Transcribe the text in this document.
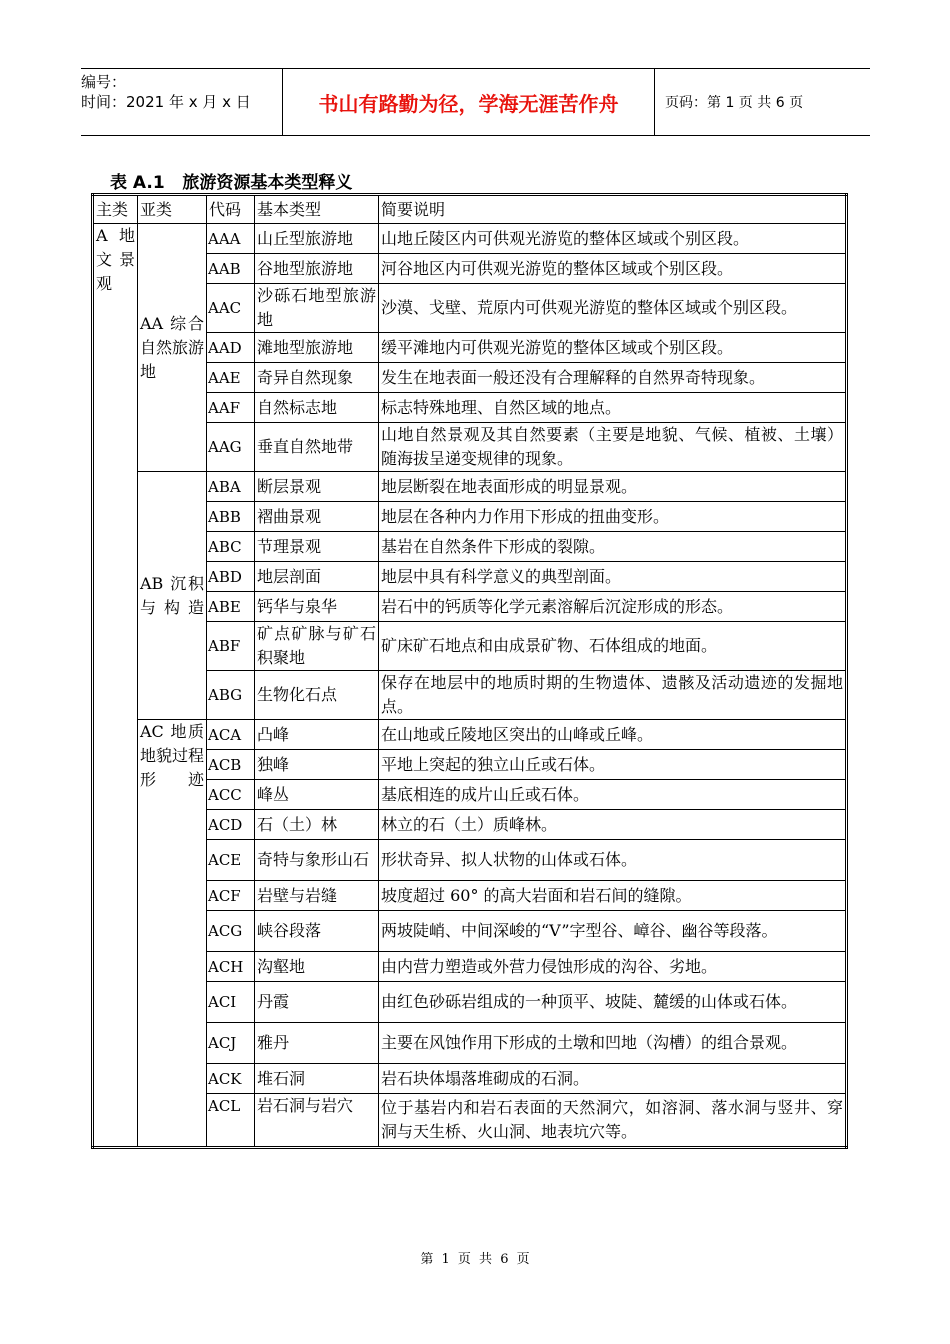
编号：
时间：2021 年 x 月 x 日	书山有路勤为径，学海无涯苦作舟	页码：第 1 页 共 6 页
表 A.1   旅游资源基本类型释义
主类	亚类	代码	基本类型	简要说明
A 地文景观	AA 综合自然旅游地	AAA	山丘型旅游地	山地丘陵区内可供观光游览的整体区域或个别区段。
		AAB	谷地型旅游地	河谷地区内可供观光游览的整体区域或个别区段。
		AAC	沙砾石地型旅游地	沙漠、戈壁、荒原内可供观光游览的整体区域或个别区段。
		AAD	滩地型旅游地	缓平滩地内可供观光游览的整体区域或个别区段。
		AAE	奇异自然现象	发生在地表面一般还没有合理解释的自然界奇特现象。
		AAF	自然标志地	标志特殊地理、自然区域的地点。
		AAG	垂直自然地带	山地自然景观及其自然要素（主要是地貌、气候、植被、土壤）随海拔呈递变规律的现象。
	AB 沉积与构造	ABA	断层景观	地层断裂在地表面形成的明显景观。
		ABB	褶曲景观	地层在各种内力作用下形成的扭曲变形。
		ABC	节理景观	基岩在自然条件下形成的裂隙。
		ABD	地层剖面	地层中具有科学意义的典型剖面。
		ABE	钙华与泉华	岩石中的钙质等化学元素溶解后沉淀形成的形态。
		ABF	矿点矿脉与矿石积聚地	矿床矿石地点和由成景矿物、石体组成的地面。
		ABG	生物化石点	保存在地层中的地质时期的生物遗体、遗骸及活动遗迹的发掘地点。
	AC 地质地貌过程形迹	ACA	凸峰	在山地或丘陵地区突出的山峰或丘峰。
		ACB	独峰	平地上突起的独立山丘或石体。
		ACC	峰丛	基底相连的成片山丘或石体。
		ACD	石（土）林	林立的石（土）质峰林。
		ACE	奇特与象形山石	形状奇异、拟人状物的山体或石体。
		ACF	岩壁与岩缝	坡度超过 60° 的高大岩面和岩石间的缝隙。
		ACG	峡谷段落	两坡陡峭、中间深峻的“V”字型谷、嶂谷、幽谷等段落。
		ACH	沟壑地	由内营力塑造或外营力侵蚀形成的沟谷、劣地。
		ACI	丹霞	由红色砂砾岩组成的一种顶平、坡陡、麓缓的山体或石体。
		ACJ	雅丹	主要在风蚀作用下形成的土墩和凹地（沟槽）的组合景观。
		ACK	堆石洞	岩石块体塌落堆砌成的石洞。
		ACL	岩石洞与岩穴	位于基岩内和岩石表面的天然洞穴，如溶洞、落水洞与竖井、穿洞与天生桥、火山洞、地表坑穴等。
第 1 页 共 6 页
